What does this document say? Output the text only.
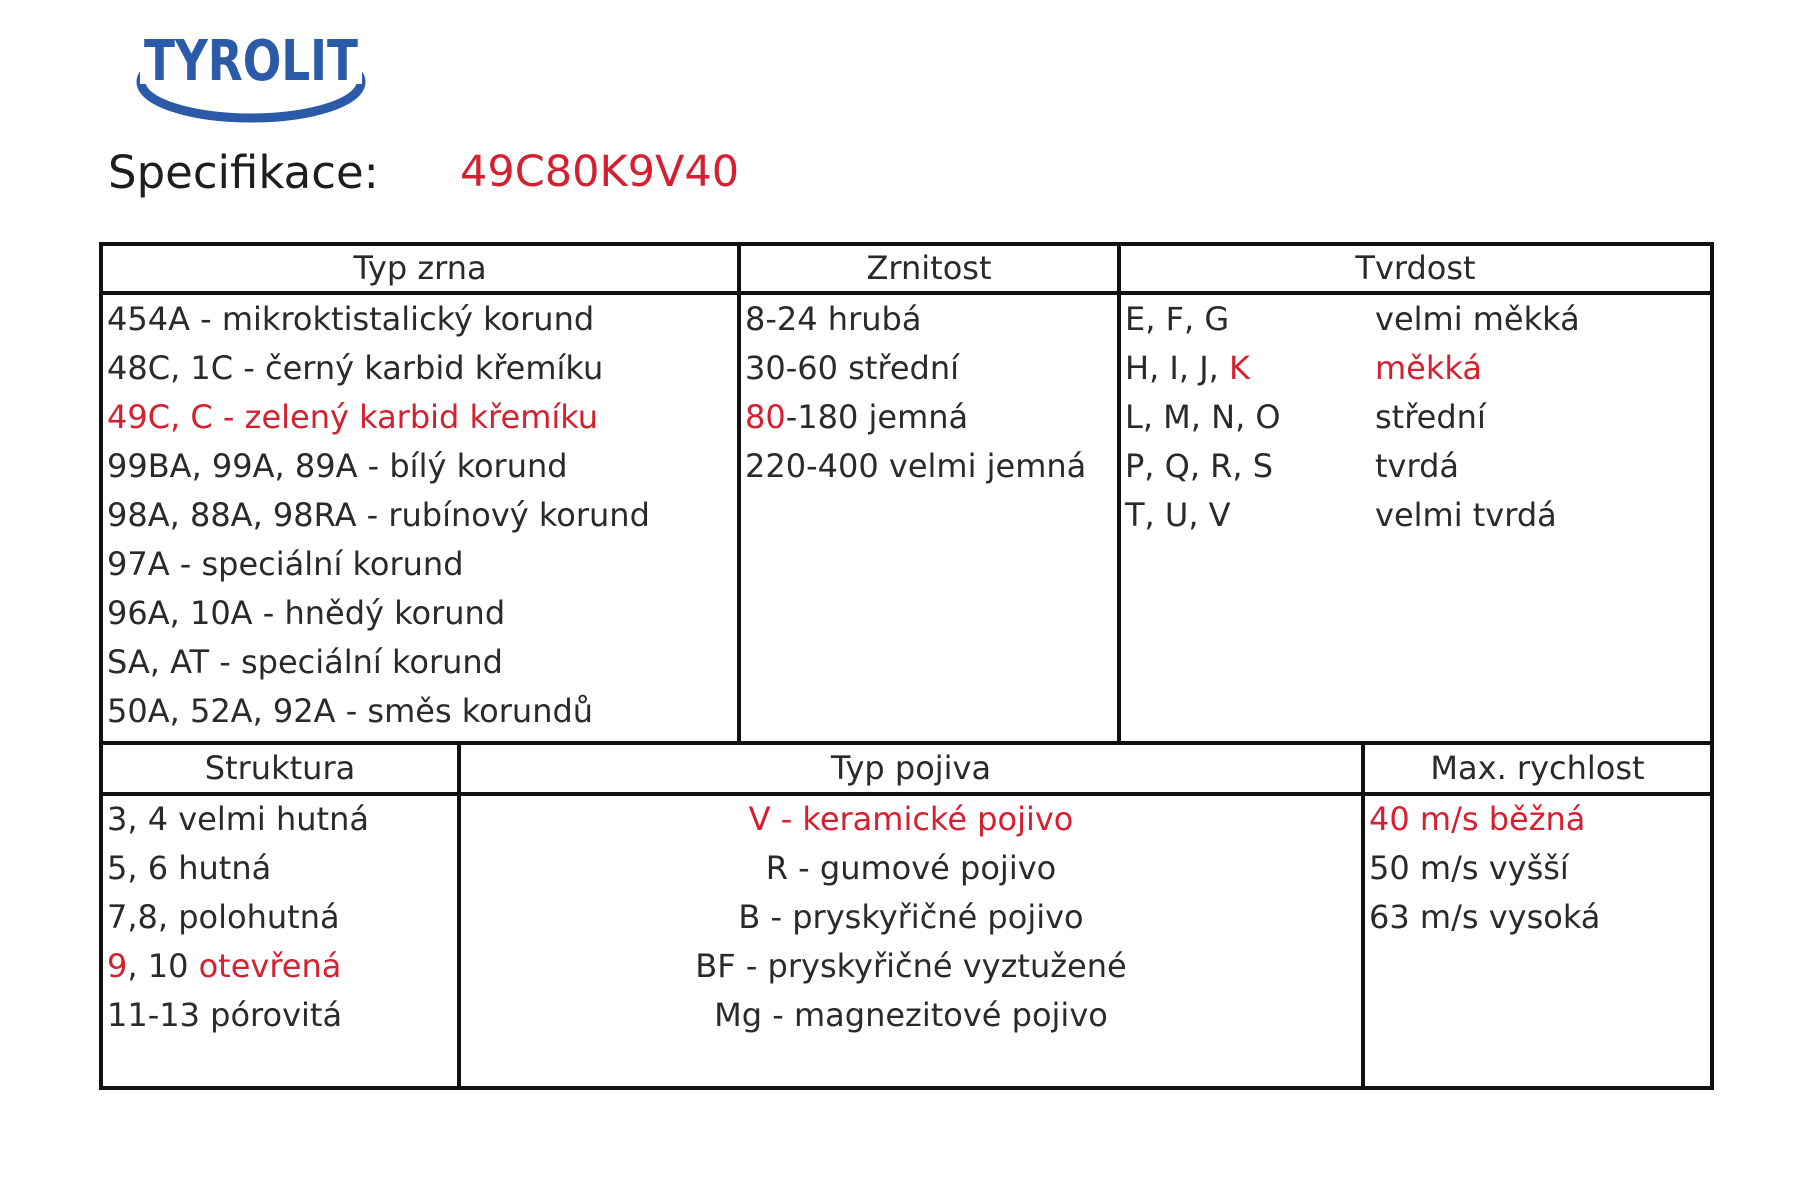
TYROLIT
Specifikace:	49C80K9V40
Typ zrna
454A - mikroktistalický korund
48C, 1C - černý karbid křemíku
49C, C - zelený karbid křemíku
99BA, 99A, 89A - bílý korund
98A, 88A, 98RA - rubínový korund
97A - speciální korund
96A, 10A - hnědý korund
SA, AT - speciální korund
50A, 52A, 92A - směs korundů
Zrnitost
8-24 hrubá
30-60 střední
80-180 jemná
220-400 velmi jemná
Tvrdost
E, F, G	velmi měkká
H, I, J, K	měkká
L, M, N, O	střední
P, Q, R, S	tvrdá
T, U, V	velmi tvrdá
Struktura
3, 4 velmi hutná
5, 6 hutná
7,8, polohutná
9, 10 otevřená
11-13 pórovitá
Typ pojiva
V - keramické pojivo
R - gumové pojivo
B - pryskyřičné pojivo
BF - pryskyřičné vyztužené
Mg - magnezitové pojivo
Max. rychlost
40 m/s běžná
50 m/s vyšší
63 m/s vysoká
